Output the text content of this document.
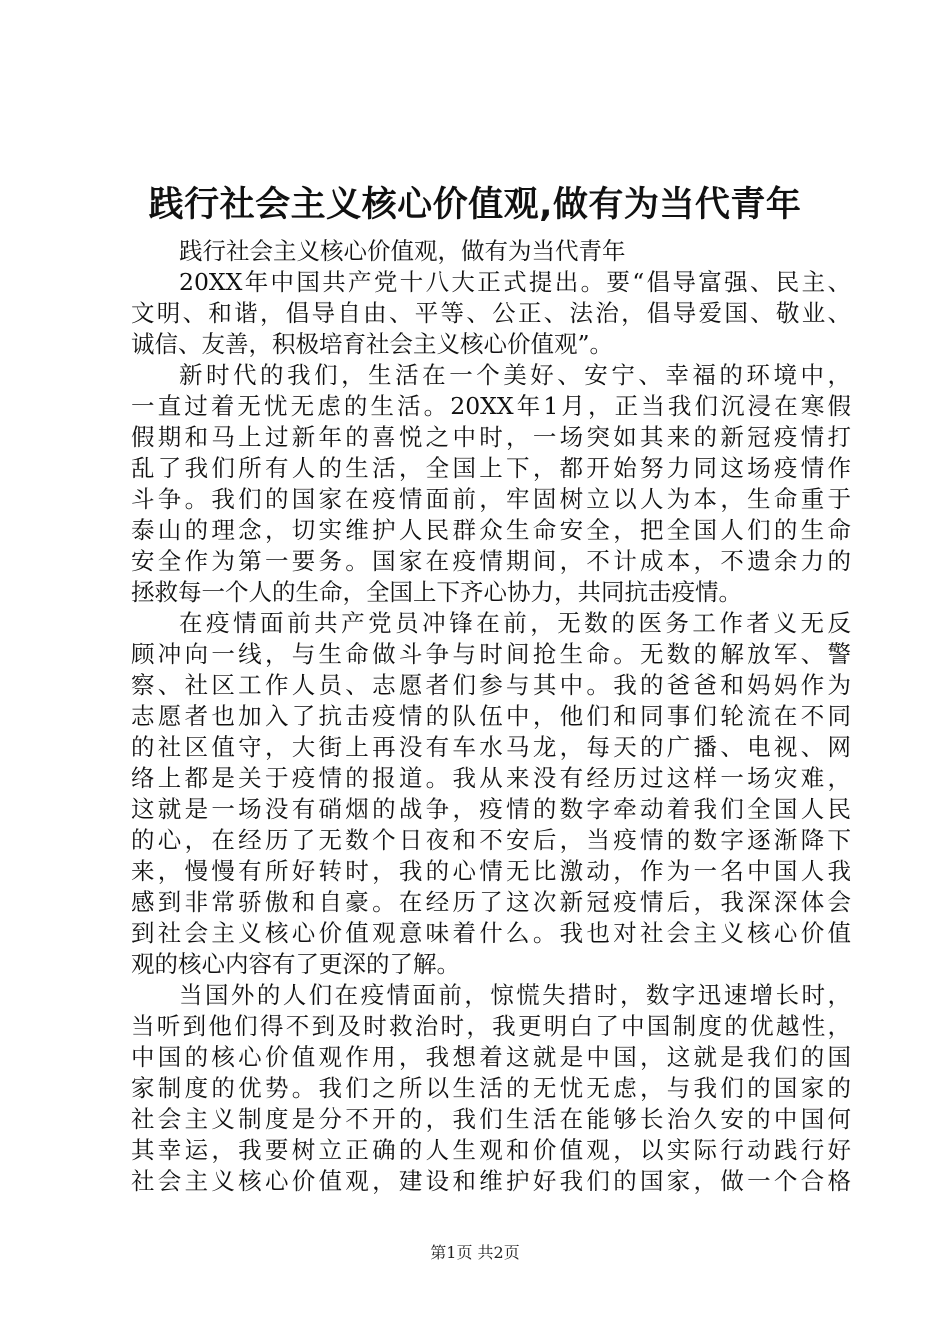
践行社会主义核心价值观,做有为当代青年
践行社会主义核心价值观，做有为当代青年
20XX年中国共产党十八大正式提出。要“倡导富强、民主、
文明、和谐，倡导自由、平等、公正、法治，倡导爱国、敬业、
诚信、友善，积极培育社会主义核心价值观”。
新时代的我们，生活在一个美好、安宁、幸福的环境中，
一直过着无忧无虑的生活。20XX年1月，正当我们沉浸在寒假
假期和马上过新年的喜悦之中时，一场突如其来的新冠疫情打
乱了我们所有人的生活，全国上下，都开始努力同这场疫情作
斗争。我们的国家在疫情面前，牢固树立以人为本，生命重于
泰山的理念，切实维护人民群众生命安全，把全国人们的生命
安全作为第一要务。国家在疫情期间，不计成本，不遗余力的
拯救每一个人的生命，全国上下齐心协力，共同抗击疫情。
在疫情面前共产党员冲锋在前，无数的医务工作者义无反
顾冲向一线，与生命做斗争与时间抢生命。无数的解放军、警
察、社区工作人员、志愿者们参与其中。我的爸爸和妈妈作为
志愿者也加入了抗击疫情的队伍中，他们和同事们轮流在不同
的社区值守，大街上再没有车水马龙，每天的广播、电视、网
络上都是关于疫情的报道。我从来没有经历过这样一场灾难，
这就是一场没有硝烟的战争，疫情的数字牵动着我们全国人民
的心，在经历了无数个日夜和不安后，当疫情的数字逐渐降下
来，慢慢有所好转时，我的心情无比激动，作为一名中国人我
感到非常骄傲和自豪。在经历了这次新冠疫情后，我深深体会
到社会主义核心价值观意味着什么。我也对社会主义核心价值
观的核心内容有了更深的了解。
当国外的人们在疫情面前，惊慌失措时，数字迅速增长时，
当听到他们得不到及时救治时，我更明白了中国制度的优越性，
中国的核心价值观作用，我想着这就是中国，这就是我们的国
家制度的优势。我们之所以生活的无忧无虑，与我们的国家的
社会主义制度是分不开的，我们生活在能够长治久安的中国何
其幸运，我要树立正确的人生观和价值观，以实际行动践行好
社会主义核心价值观，建设和维护好我们的国家，做一个合格
第1页 共2页
